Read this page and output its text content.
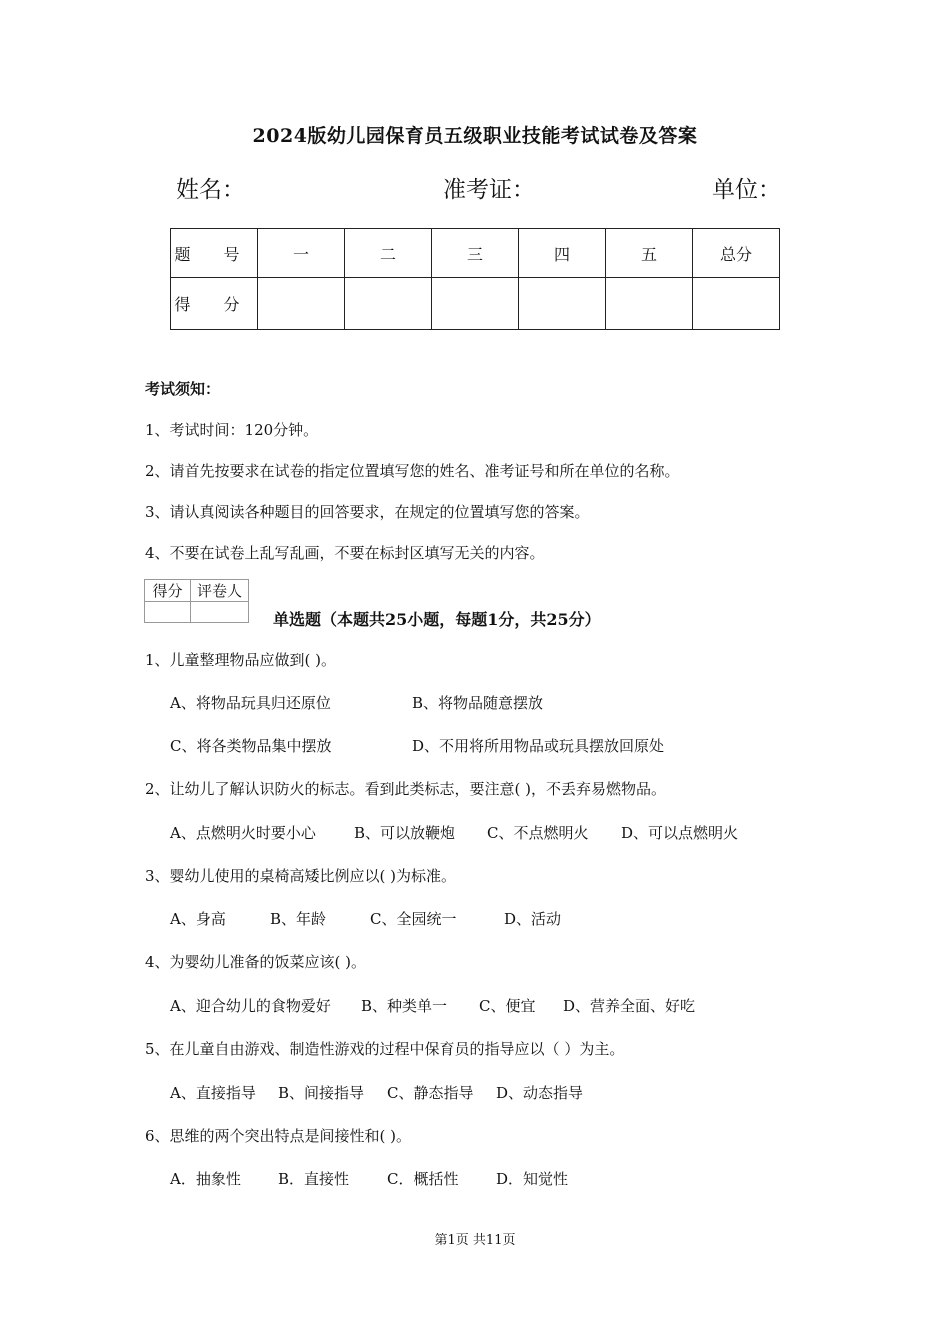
2024版幼儿园保育员五级职业技能考试试卷及答案
姓名：	准考证：	单位：
题 号	一	二	三	四	五	总分
得 分						
考试须知：
1、考试时间：120分钟。
2、请首先按要求在试卷的指定位置填写您的姓名、准考证号和所在单位的名称。
3、请认真阅读各种题目的回答要求，在规定的位置填写您的答案。
4、不要在试卷上乱写乱画，不要在标封区填写无关的内容。
得分	评卷人

单选题（本题共25小题，每题1分，共25分）
1、儿童整理物品应做到( )。
A、将物品玩具归还原位	B、将物品随意摆放
C、将各类物品集中摆放	D、不用将所用物品或玩具摆放回原处
2、让幼儿了解认识防火的标志。看到此类标志，要注意( )，不丢弃易燃物品。
A、点燃明火时要小心	B、可以放鞭炮 C、不点燃明火 D、可以点燃明火
3、婴幼儿使用的桌椅高矮比例应以( )为标准。
A、身高	B、年龄	C、全园统一	D、活动
4、为婴幼儿准备的饭菜应该( )。
A、迎合幼儿的食物爱好 B、种类单一 C、便宜 D、营养全面、好吃
5、在儿童自由游戏、制造性游戏的过程中保育员的指导应以（ ）为主。
A、直接指导 B、间接指导 C、静态指导 D、动态指导
6、思维的两个突出特点是间接性和( )。
A．抽象性 B．直接性	C．概括性	D．知觉性
第1页 共11页
